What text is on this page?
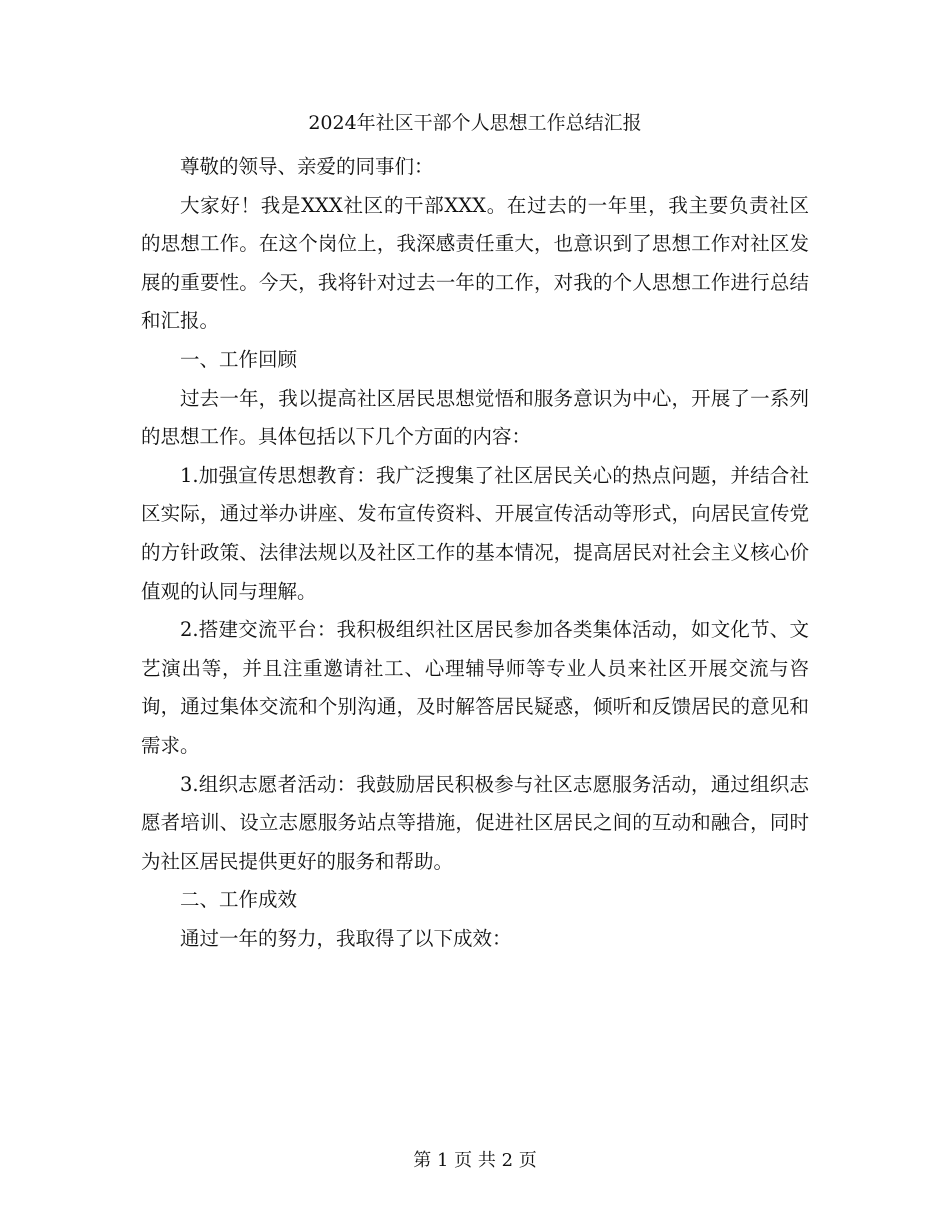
2024年社区干部个人思想工作总结汇报

尊敬的领导、亲爱的同事们：

大家好！我是XXX社区的干部XXX。在过去的一年里，我主要负责社区的思想工作。在这个岗位上，我深感责任重大，也意识到了思想工作对社区发展的重要性。今天，我将针对过去一年的工作，对我的个人思想工作进行总结和汇报。

一、工作回顾

过去一年，我以提高社区居民思想觉悟和服务意识为中心，开展了一系列的思想工作。具体包括以下几个方面的内容：

1.加强宣传思想教育：我广泛搜集了社区居民关心的热点问题，并结合社区实际，通过举办讲座、发布宣传资料、开展宣传活动等形式，向居民宣传党的方针政策、法律法规以及社区工作的基本情况，提高居民对社会主义核心价值观的认同与理解。

2.搭建交流平台：我积极组织社区居民参加各类集体活动，如文化节、文艺演出等，并且注重邀请社工、心理辅导师等专业人员来社区开展交流与咨询，通过集体交流和个别沟通，及时解答居民疑惑，倾听和反馈居民的意见和需求。

3.组织志愿者活动：我鼓励居民积极参与社区志愿服务活动，通过组织志愿者培训、设立志愿服务站点等措施，促进社区居民之间的互动和融合，同时为社区居民提供更好的服务和帮助。

二、工作成效

通过一年的努力，我取得了以下成效：

第 1 页 共 2 页
